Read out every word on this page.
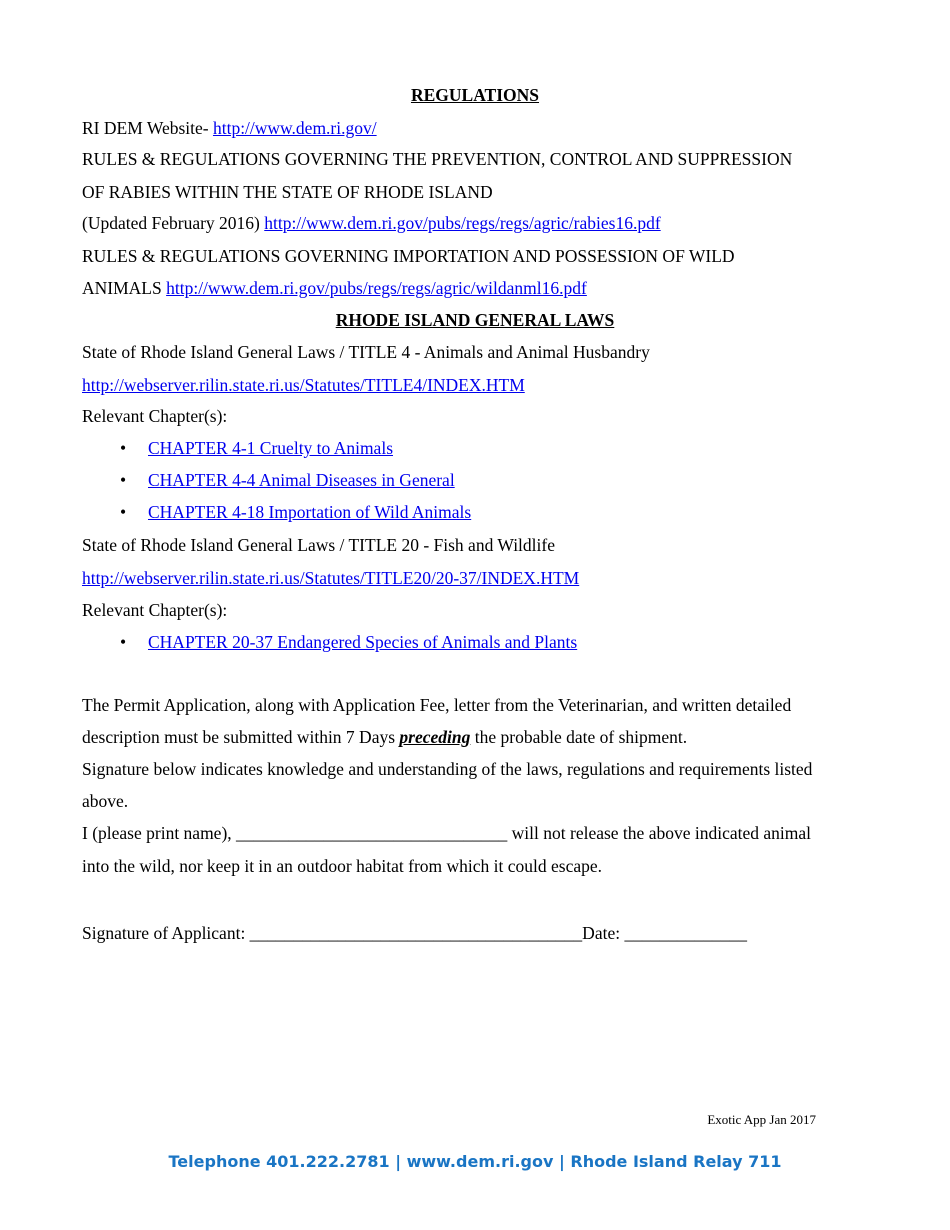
REGULATIONS
RI DEM Website- http://www.dem.ri.gov/
RULES & REGULATIONS GOVERNING THE PREVENTION, CONTROL AND SUPPRESSION
OF RABIES WITHIN THE STATE OF RHODE ISLAND
(Updated February 2016) http://www.dem.ri.gov/pubs/regs/regs/agric/rabies16.pdf
RULES & REGULATIONS GOVERNING IMPORTATION AND POSSESSION OF WILD
ANIMALS http://www.dem.ri.gov/pubs/regs/regs/agric/wildanml16.pdf
RHODE ISLAND GENERAL LAWS
State of Rhode Island General Laws / TITLE 4 - Animals and Animal Husbandry
http://webserver.rilin.state.ri.us/Statutes/TITLE4/INDEX.HTM
Relevant Chapter(s):
• CHAPTER 4-1 Cruelty to Animals
• CHAPTER 4-4 Animal Diseases in General
• CHAPTER 4-18 Importation of Wild Animals
State of Rhode Island General Laws / TITLE 20 - Fish and Wildlife
http://webserver.rilin.state.ri.us/Statutes/TITLE20/20-37/INDEX.HTM
Relevant Chapter(s):
• CHAPTER 20-37 Endangered Species of Animals and Plants
The Permit Application, along with Application Fee, letter from the Veterinarian, and written detailed
description must be submitted within 7 Days preceding the probable date of shipment.
Signature below indicates knowledge and understanding of the laws, regulations and requirements listed
above.
I (please print name), _______________________________ will not release the above indicated animal
into the wild, nor keep it in an outdoor habitat from which it could escape.
Signature of Applicant: ______________________________________Date: ______________
Exotic App Jan 2017
Telephone 401.222.2781 | www.dem.ri.gov | Rhode Island Relay 711
